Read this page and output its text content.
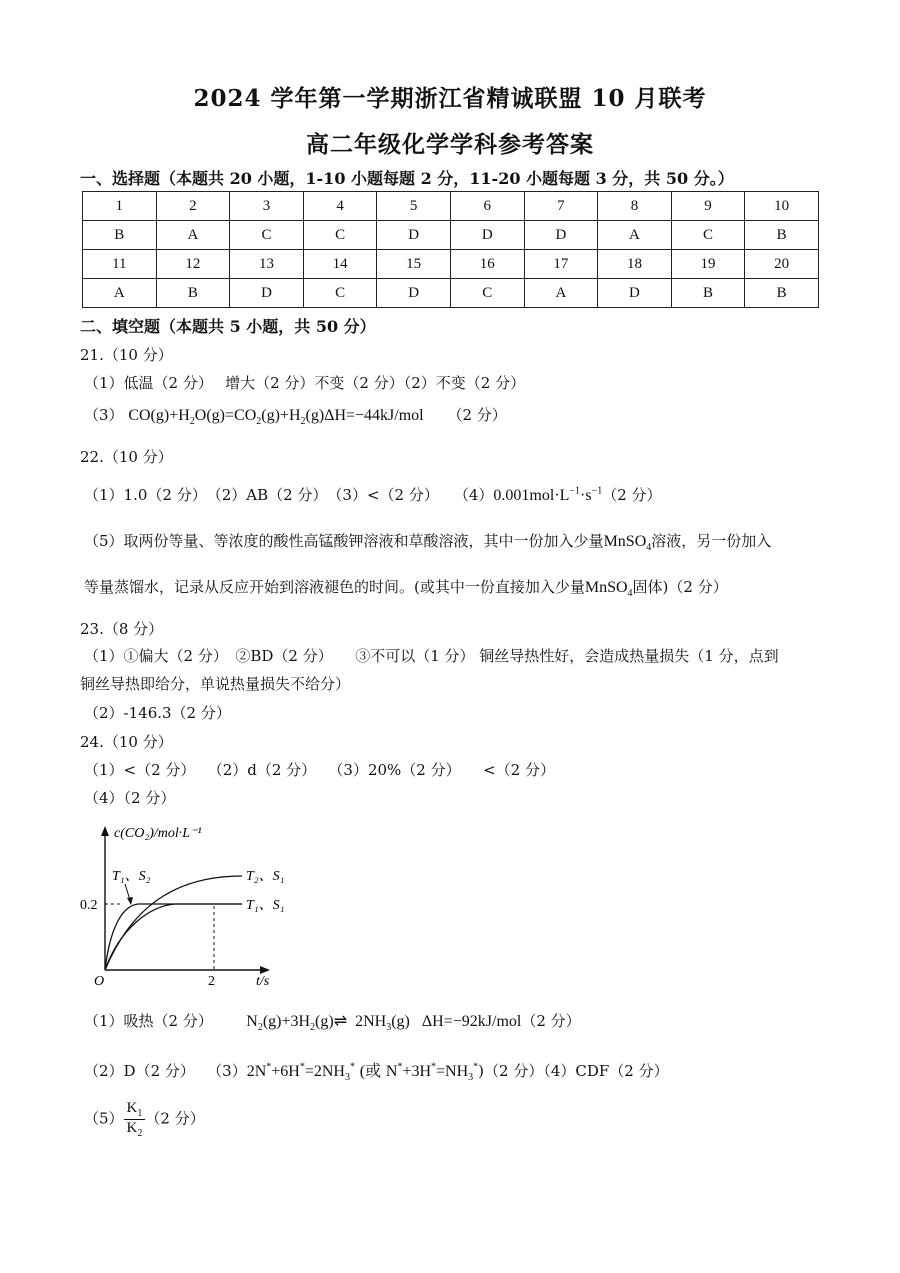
2024 学年第一学期浙江省精诚联盟 10 月联考
高二年级化学学科参考答案
一、选择题（本题共 20 小题，1-10 小题每题 2 分，11-20 小题每题 3 分，共 50 分。）
1	2	3	4	5	6	7	8	9	10
B	A	C	C	D	D	D	A	C	B
11	12	13	14	15	16	17	18	19	20
A	B	D	C	D	C	A	D	B	B
二、填空题（本题共 5 小题，共 50 分）
21.（10 分）
（1）低温（2 分）　 增大（2 分）不变（2 分）（2）不变（2 分）
（3） $CO(g)+H_2O(g)=CO_2(g)+H_2(g)\Delta H=-44kJ$/mol （2 分）
22.（10 分）
（1）1.0（2 分）　（2）AB（2 分）　（3）<（2 分）　　$(4)0.001mol\cdot L^{-1}\cdot s^{-1}(2$ 分）
（5）取两份等量、等浓度的酸性高锰酸钾溶液和草酸溶液，其中一份加入少量MnSO$_4$溶液，另一份加入
等量蒸馏水，记录从反应开始到溶液褪色的时间。(或其中一份直接加入少量MnSO$_4$固体)（2 分）
23.（8 分）
（1）①偏大（2 分）　②BD（2 分）　　③不可以（1 分） 铜丝导热性好，会造成热量损失（1 分，点到
铜丝导热即给分，单说热量损失不给分）
（2）-146.3（2 分）
24.（10 分）
（1）<（2 分）　 （2）d（2 分）　 （3）20%（2 分）　　<（2 分）
（4）（2 分）
c(CO₂)/mol·L⁻¹
t/s
O
0.2
2
T₁、S₂	T₂、S₁
T₁、S₁
（1）吸热（2 分） $N_2(g)+3H_2(g)\rightleftharpoons$  $2NH_3(g)$   ΔH=−92kJ/mol（2 分）
（2）D（2 分）　 $(3)2N^*+6H^*=2NH_3^*$ (或 $N^*+3H^*=NH_3^*)(2$ 分）（4）CDF（2 分）
$(5) \frac{K_1}{K_2} (2$ 分）
